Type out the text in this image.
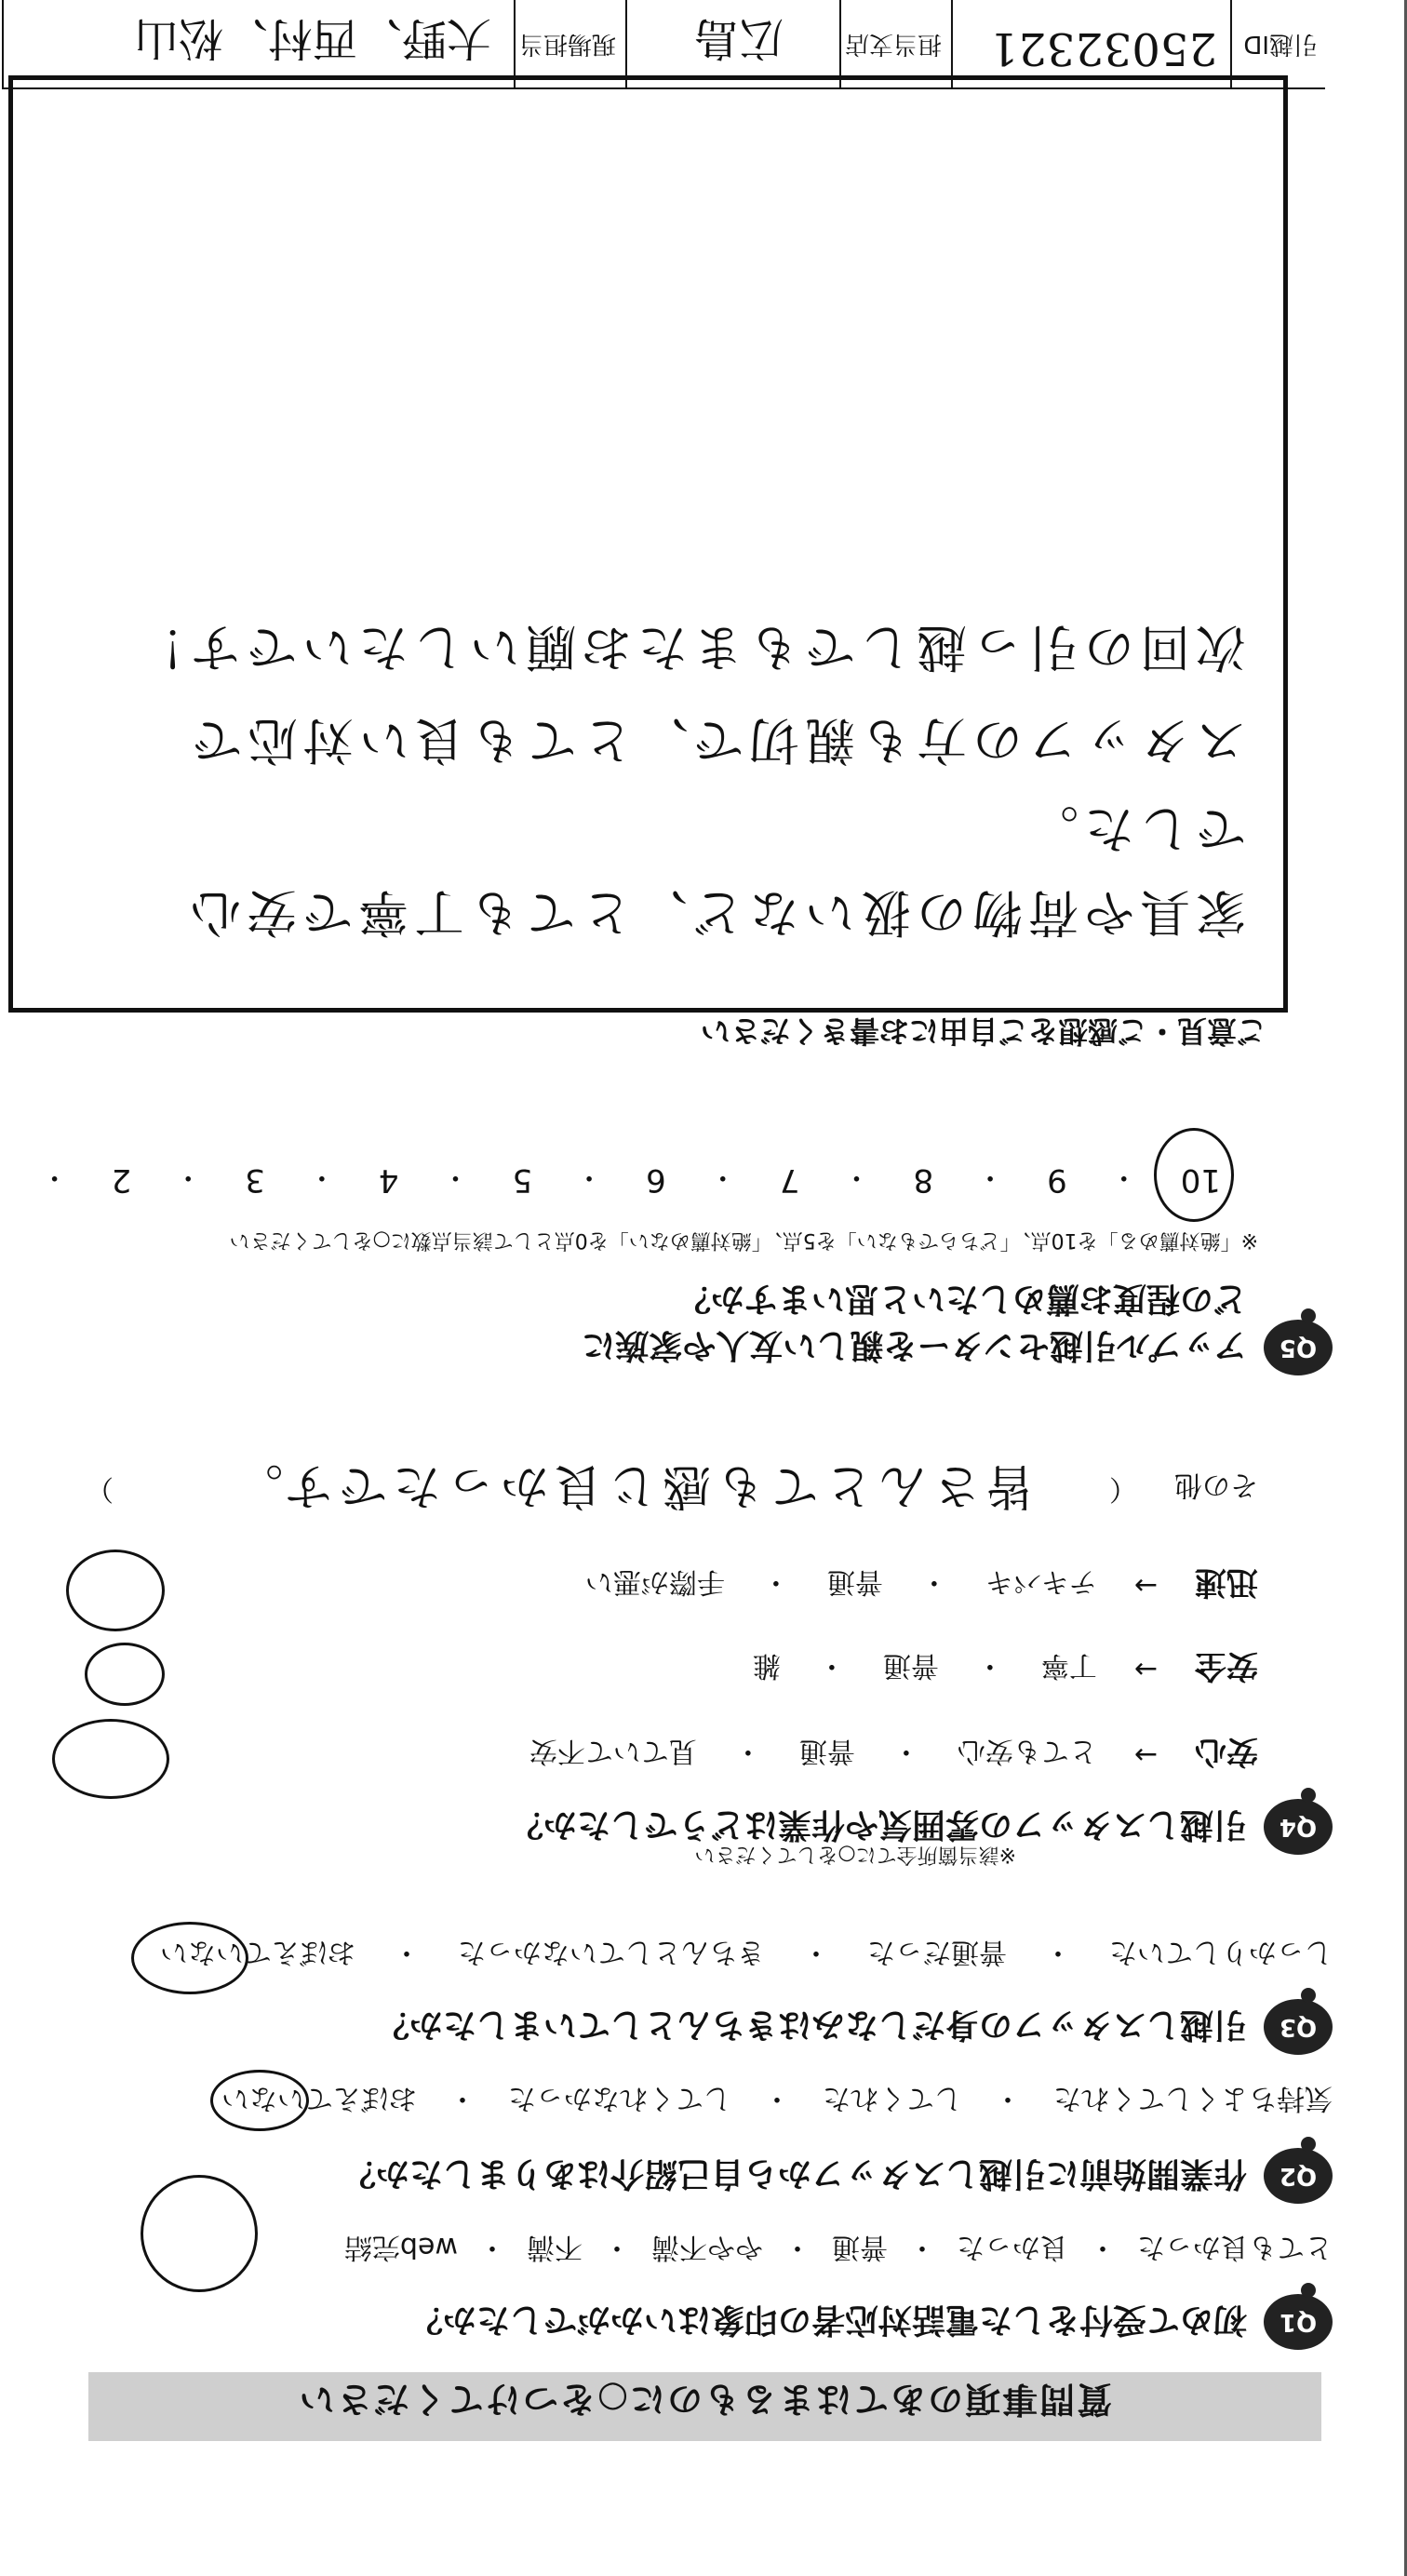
質問事項のあてはまるものに○をつけてください
Q1
初めて受付をした電話対応者の印象はいかがでしたか？
とても良かった
・
良かった
・
普通
・
やや不満
・
不満
・
web完結
Q2
作業開始前に引越しスタッフから自己紹介はありましたか？
気持ちよくしてくれた
・
してくれた
・
してくれなかった
・
おぼえていない
Q3
引越しスタッフの身だしなみはきちんとしていましたか？
しっかりしていた
・
普通だった
・
きちんとしていなかった
・
おぼえていない
Q4
引越しスタッフの雰囲気や作業はどうでしたか？
※該当箇所全てに○をしてください
安心
→
とても安心
・
普通
・
見ていて不安
安全
→
丁寧
・
普通
・
雑
迅速
→
テキパキ
・
普通
・
手際が悪い
その他
（
皆さんとても感じ良かったです。
）
Q5
アップル引越センターを親しい友人や家族に
どの程度お薦めしたいと思いますか？
※「絶対薦める」を10点、「どちらでもない」を5点、「絶対薦めない」を0点として該当点数に○をしてください
10
・
9
・
8
・
7
・
6
・
5
・
4
・
3
・
2
・
ご意見・ご感想をご自由にお書きください
家具や荷物の扱いなど、とても丁寧で安心
でした。
スタッフの方も親切で、とても良い対応で
次回の引っ越しでもまたお願いしたいです！
引越ID
25032321
担当支店
広島
現場担当
大野、西村、松山
